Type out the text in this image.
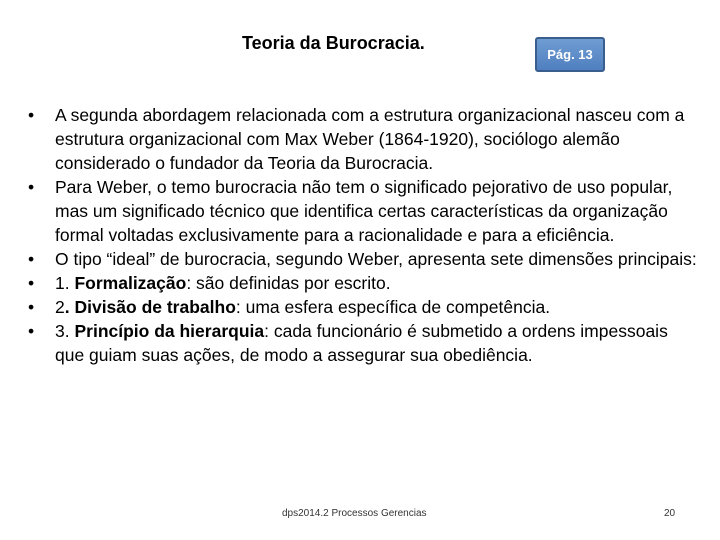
Teoria da Burocracia.
Pág. 13
•	A segunda abordagem relacionada com a estrutura organizacional nasceu com a estrutura organizacional com Max Weber (1864-1920), sociólogo alemão considerado o fundador da Teoria da Burocracia.
•	Para Weber, o temo burocracia não tem o significado pejorativo de uso popular, mas um significado técnico que identifica certas características da organização formal voltadas exclusivamente para a racionalidade e para a eficiência.
•	O tipo “ideal” de burocracia, segundo Weber, apresenta sete dimensões principais:
•	1. Formalização: são definidas por escrito.
•	2. Divisão de trabalho: uma esfera específica de competência.
•	3. Princípio da hierarquia: cada funcionário é submetido a ordens impessoais que guiam suas ações, de modo a assegurar sua obediência.
dps2014.2 Processos Gerencias	20
